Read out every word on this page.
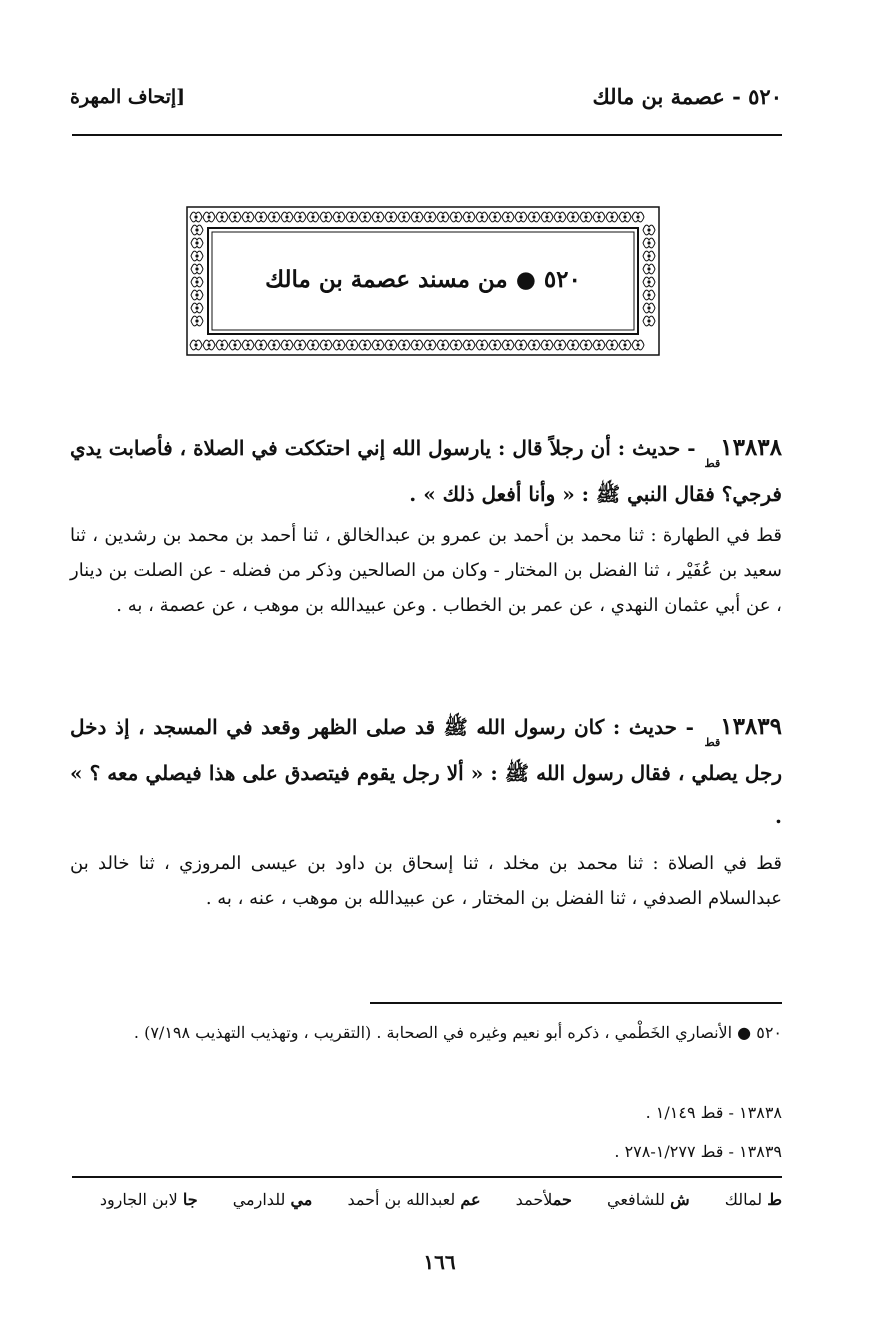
٥٢٠ - عصمة بن مالك
[إتحاف المهرة
٥٢٠ ● من مسند عصمة بن مالك
$١٣٨٣٨_{قط}$ - حديث : أن رجلاً قال : يارسول الله إني احتككت في الصلاة ، فأصابت يدي فرجي؟ فقال النبي ﷺ : « وأنا أفعل ذلك » .
قط في الطهارة : ثنا محمد بن أحمد بن عمرو بن عبدالخالق ، ثنا أحمد بن محمد بن رشدين ، ثنا سعيد بن عُفَيْر ، ثنا الفضل بن المختار - وكان من الصالحين وذكر من فضله - عن الصلت بن دينار ، عن أبي عثمان النهدي ، عن عمر بن الخطاب . وعن عبيدالله بن موهب ، عن عصمة ، به .
$١٣٨٣٩_{قط}$ - حديث : كان رسول الله ﷺ قد صلى الظهر وقعد في المسجد ، إذ دخل رجل يصلي ، فقال رسول الله ﷺ : « ألا رجل يقوم فيتصدق على هذا فيصلي معه ؟ » .
قط في الصلاة : ثنا محمد بن مخلد ، ثنا إسحاق بن داود بن عيسى المروزي ، ثنا خالد بن عبدالسلام الصدفي ، ثنا الفضل بن المختار ، عن عبيدالله بن موهب ، عنه ، به .
٥٢٠ ● الأنصاري الخَطْمي ، ذكره أبو نعيم وغيره في الصحابة . (التقريب ، وتهذيب التهذيب ٧/١٩٨) .
١٣٨٣٨ - قط ١/١٤٩ .
١٣٨٣٩ - قط ١/٢٧٧-٢٧٨ .
ط لمالك ش للشافعي حملأحمد عم لعبدالله بن أحمد مي للدارمي جا لابن الجارود
١٦٦
